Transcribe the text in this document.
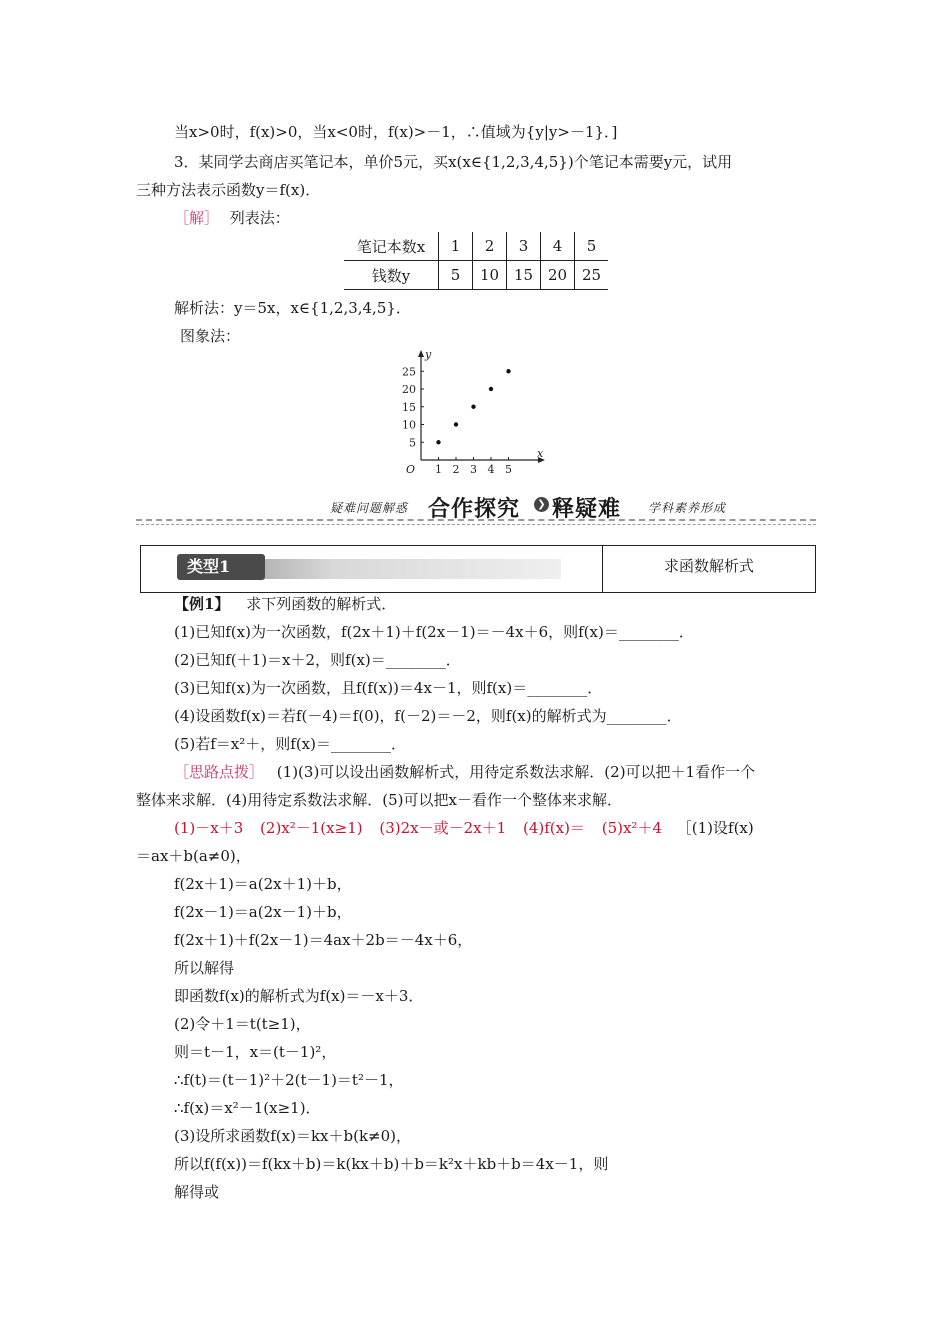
当x>0时，f(x)>0，当x<0时，f(x)>－1，∴值域为{y|y>－1}．]
3．某同学去商店买笔记本，单价5元，买x(x∈{1,2,3,4,5})个笔记本需要y元，试用
三种方法表示函数y＝f(x)．
［解］ 列表法：
笔记本数x	1	2	3	4	5
钱数y	5	10	15	20	25
解析法：y＝5x，x∈{1,2,3,4,5}．
图象法：
1 2 3 4 5
5
10
15
20
25
O
y
x
疑难问题解惑 合作探究	❯ 释疑难 学科素养形成
类型1	求函数解析式
【例1】 求下列函数的解析式．
(1)已知f(x)为一次函数，f(2x＋1)＋f(2x－1)＝－4x＋6，则f(x)＝________．
(2)已知f(＋1)＝x＋2，则f(x)＝________．
(3)已知f(x)为一次函数，且f(f(x))＝4x－1，则f(x)＝________．
(4)设函数f(x)＝若f(－4)＝f(0)，f(－2)＝－2，则f(x)的解析式为________．
(5)若f＝x²＋，则f(x)＝________．
［思路点拨］ (1)(3)可以设出函数解析式，用待定系数法求解．(2)可以把＋1看作一个
整体来求解．(4)用待定系数法求解．(5)可以把x－看作一个整体来求解．
(1)－x＋3 (2)x²－1(x≥1) (3)2x－或－2x＋1 (4)f(x)＝ (5)x²＋4 ［(1)设f(x)
＝ax＋b(a≠0)，
f(2x＋1)＝a(2x＋1)＋b，
f(2x－1)＝a(2x－1)＋b，
f(2x＋1)＋f(2x－1)＝4ax＋2b＝－4x＋6，
所以解得
即函数f(x)的解析式为f(x)＝－x＋3．
(2)令＋1＝t(t≥1)，
则＝t－1，x＝(t－1)²，
∴f(t)＝(t－1)²＋2(t－1)＝t²－1，
∴f(x)＝x²－1(x≥1)．
(3)设所求函数f(x)＝kx＋b(k≠0)，
所以f(f(x))＝f(kx＋b)＝k(kx＋b)＋b＝k²x＋kb＋b＝4x－1，则
解得或
